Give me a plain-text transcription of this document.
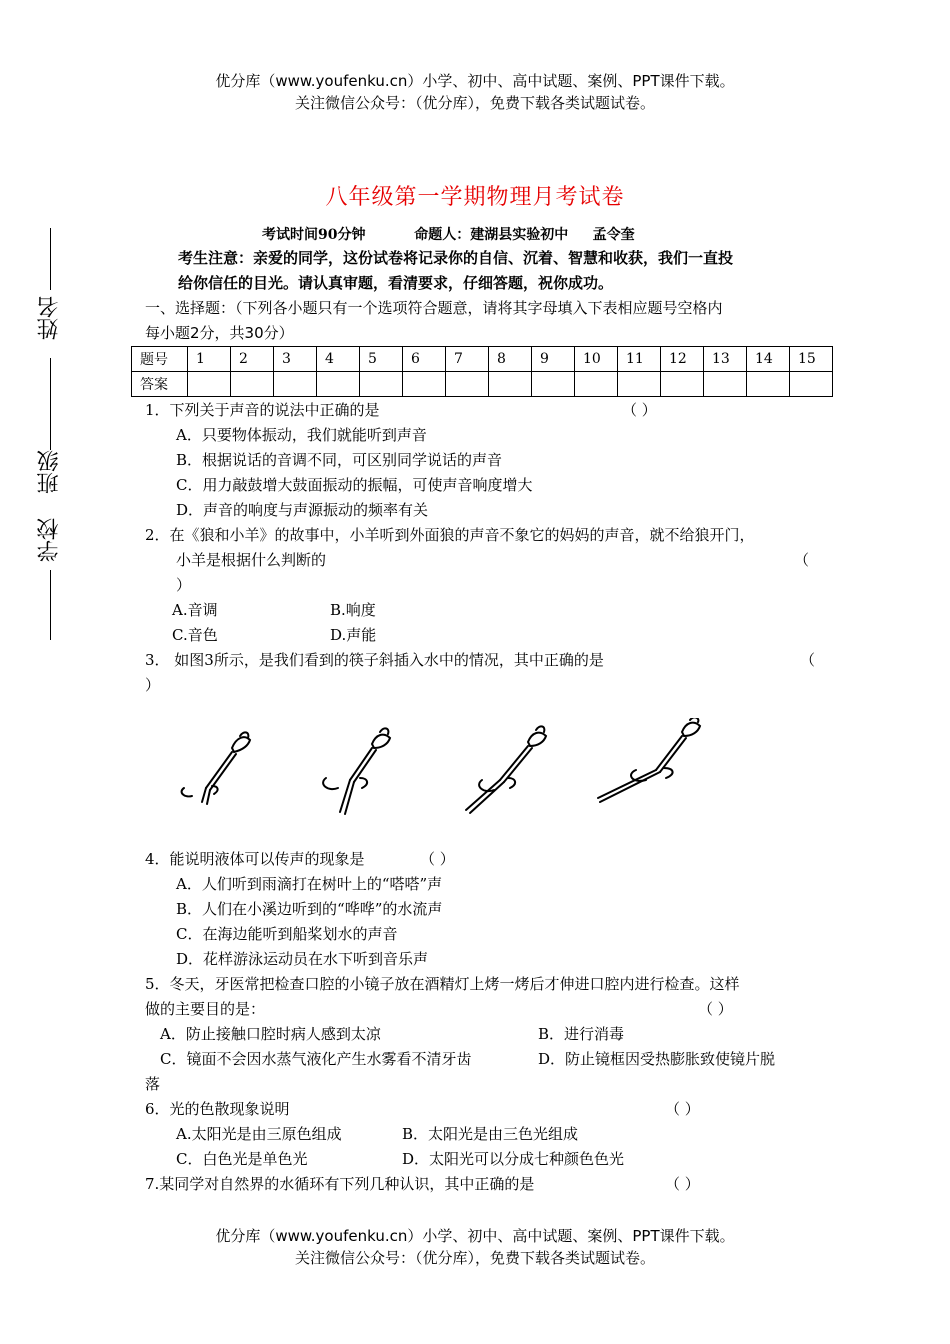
优分库（www.youfenku.cn）小学、初中、高中试题、案例、PPT课件下载。
关注微信公众号：（优分库），免费下载各类试题试卷。
姓名
班级
学校
八年级第一学期物理月考试卷
考试时间90分钟          命题人：建湖县实验初中     孟令奎
考生注意：亲爱的同学，这份试卷将记录你的自信、沉着、智慧和收获，我们一直投
给你信任的目光。请认真审题，看清要求，仔细答题，祝你成功。
一、选择题：（下列各小题只有一个选项符合题意，请将其字母填入下表相应题号空格内
每小题2分，共30分）
题号	1	2	3	4	5	6	7	8	9	10	11	12	13	14	15
答案															
1．下列关于声音的说法中正确的是	（ ）
A．只要物体振动，我们就能听到声音
B．根据说话的音调不同，可区别同学说话的声音
C．用力敲鼓增大鼓面振动的振幅，可使声音响度增大
D．声音的响度与声源振动的频率有关
2．在《狼和小羊》的故事中，小羊听到外面狼的声音不象它的妈妈的声音，就不给狼开门，
小羊是根据什么判断的	（
）
A.音调	B.响度
C.音色	D.声能
3． 如图3所示，是我们看到的筷子斜插入水中的情况，其中正确的是	（
）
4．能说明液体可以传声的现象是	（ ）
A．人们听到雨滴打在树叶上的“嗒嗒”声
B．人们在小溪边听到的“哗哗”的水流声
C．在海边能听到船桨划水的声音
D．花样游泳运动员在水下听到音乐声
5．冬天，牙医常把检查口腔的小镜子放在酒精灯上烤一烤后才伸进口腔内进行检查。这样
做的主要目的是：	（ ）
A．防止接触口腔时病人感到太凉	B．进行消毒
C．镜面不会因水蒸气液化产生水雾看不清牙齿	D．防止镜框因受热膨胀致使镜片脱
落
6．光的色散现象说明	（ ）
A.太阳光是由三原色组成	B．太阳光是由三色光组成
C．白色光是单色光	D．太阳光可以分成七种颜色色光
7.某同学对自然界的水循环有下列几种认识，其中正确的是	（ ）
优分库（www.youfenku.cn）小学、初中、高中试题、案例、PPT课件下载。
关注微信公众号：（优分库），免费下载各类试题试卷。
